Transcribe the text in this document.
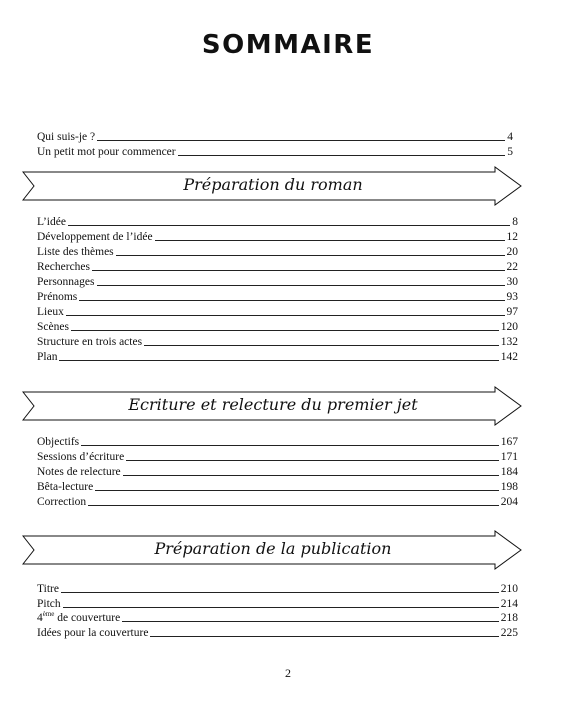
SOMMAIRE
Qui suis-je ?	4
Un petit mot pour commencer	5
Préparation du roman
L’idée	8
Développement de l’idée	12
Liste des thèmes	20
Recherches	22
Personnages	30
Prénoms	93
Lieux	97
Scènes	120
Structure en trois actes	132
Plan	142
Ecriture et relecture du premier jet
Objectifs	167
Sessions d’écriture	171
Notes de relecture	184
Bêta-lecture	198
Correction	204
Préparation de la publication
Titre	210
Pitch	214
4ème de couverture	218
Idées pour la couverture	225
2
